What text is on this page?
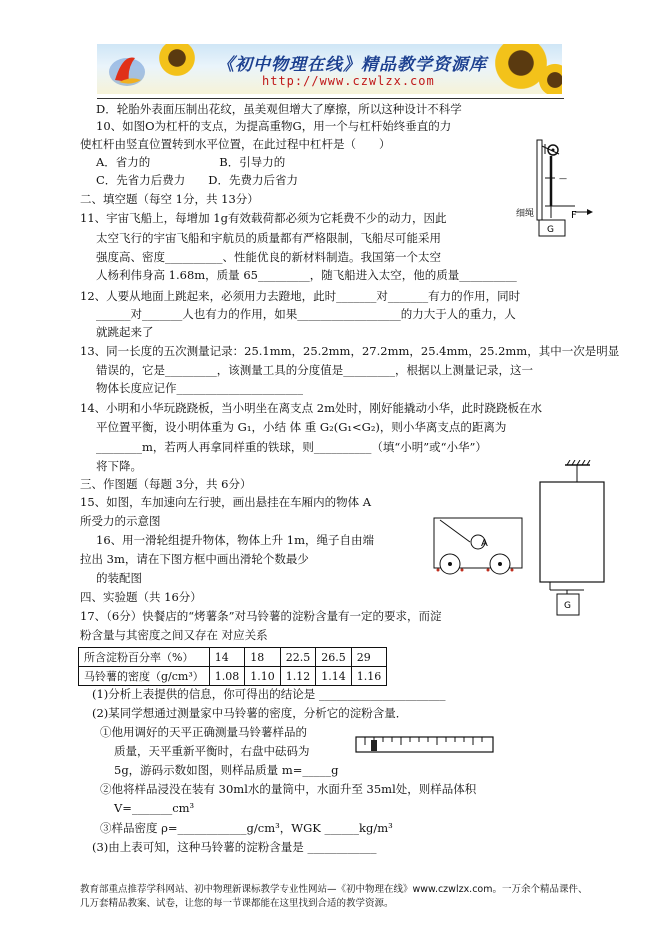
《初中物理在线》精品教学资源库
http://www.czwlzx.com
D．轮胎外表面压制出花纹，虽美观但增大了摩擦，所以这种设计不科学
10、如图O为杠杆的支点，为提高重物G，用一个与杠杆始终垂直的力
使杠杆由竖直位置转到水平位置，在此过程中杠杆是（　　）
A．省力的　　　　　　B．引导力的
C．先省力后费力　　D．先费力后省力
二、填空题（每空 1分，共 13分）
11、宇宙飞船上，每增加 1g有效载荷都必须为它耗费不少的动力，因此
太空飞行的宇宙飞船和宇航员的质量都有严格限制，飞船尽可能采用
强度高、密度__________、性能优良的新材料制造。我国第一个太空
人杨利伟身高 1.68m，质量 65_________，随飞船进入太空，他的质量__________
12、人要从地面上跳起来，必须用力去蹬地，此时_______对_______有力的作用，同时
______对_______人也有力的作用，如果__________________的力大于人的重力，人
就跳起来了
13、同一长度的五次测量记录：25.1mm，25.2mm，27.2mm，25.4mm，25.2mm，其中一次是明显
错误的，它是_________，该测量工具的分度值是_________，根据以上测量记录，这一
物体长度应记作______________________
14、小明和小华玩跷跷板，当小明坐在离支点 2m处时，刚好能撬动小华，此时跷跷板在水
平位置平衡，设小明体重为 G₁，小结 体 重 G₂(G₁<G₂)，则小华离支点的距离为
________m，若两人再拿同样重的铁球，则__________（填“小明”或“小华”）
将下降。
三、作图题（每题 3分，共 6分）
15、如图，车加速向左行驶，画出悬挂在车厢内的物体 A
所受力的示意图
16、用一滑轮组提升物体，物体上升 1m，绳子自由端
拉出 3m，请在下图方框中画出滑轮个数最少
的装配图
四、实验题（共 16分）
17、（6分）快餐店的“烤薯条”对马铃薯的淀粉含量有一定的要求，而淀
粉含量与其密度之间又存在 对应关系
所含淀粉百分率（%）	14	18	22.5	26.5	29
马铃薯的密度（g/cm³）	1.08	1.10	1.12	1.14	1.16
(1)分析上表提供的信息，你可得出的结论是 ______________________
(2)某同学想通过测量家中马铃薯的密度，分析它的淀粉含量．
①他用调好的天平正确测量马铃薯样品的
质量，天平重新平衡时，右盘中砝码为
5g，游码示数如图，则样品质量 m=_____g
②他将样品浸没在装有 30ml水的量筒中，水面升至 35ml处，则样品体积
V=_______cm³
③样品密度 ρ=____________g/cm³，WGK ______kg/m³
(3)由上表可知，这种马铃薯的淀粉含量是 ____________
—
细绳	F
G
G
A
教育部重点推荐学科网站、初中物理新课标教学专业性网站—《初中物理在线》www.czwlzx.com。一万余个精品课件、几万套精品教案、试卷，让您的每一节课都能在这里找到合适的教学资源。
